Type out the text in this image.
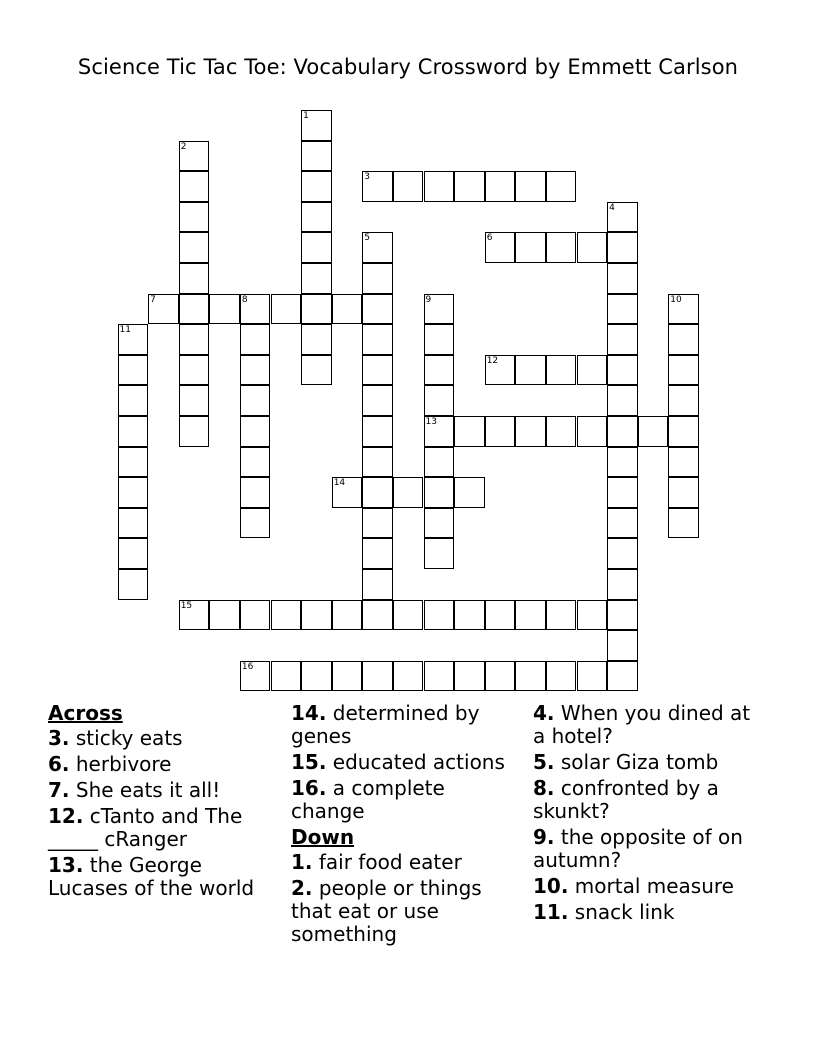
Science Tic Tac Toe: Vocabulary Crossword by Emmett Carlson
1
2
3
4
5	6
7	8	9
13
10
11
12
14
15
16
Across
3. sticky eats
6. herbivore
7. She eats it all!
12. cTanto and The _____ cRanger
13. the George Lucases of the world
14. determined by genes
15. educated actions
16. a complete change
Down
1. fair food eater
2. people or things that eat or use something
4. When you dined at a hotel?
5. solar Giza tomb
8. confronted by a skunkt?
9. the opposite of on autumn?
10. mortal measure
11. snack link
